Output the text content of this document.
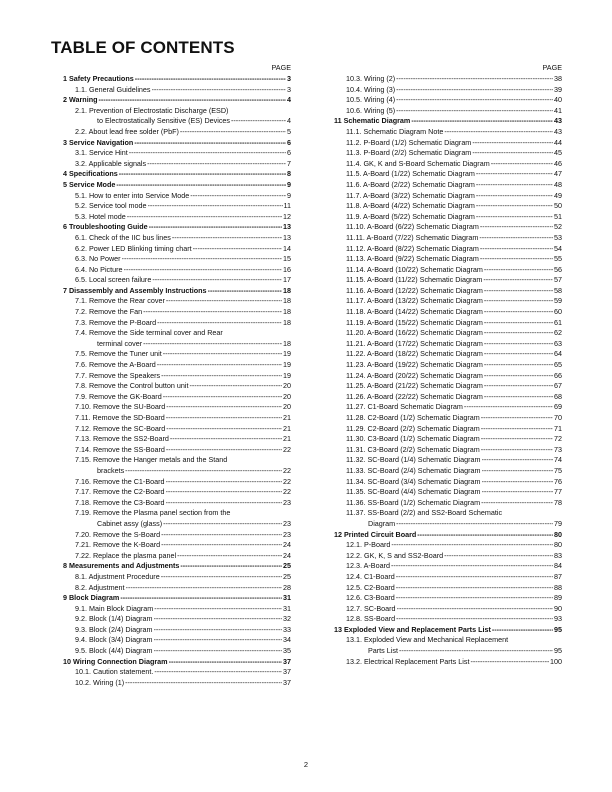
TABLE OF CONTENTS
PAGE
1 Safety Precautions -----	3
1.1. General Guidelines -----	3
2 Warning -----	4
2.1. Prevention of Electrostatic Discharge (ESD)
to Electrostatically Sensitive (ES) Devices -----	4
2.2. About lead free solder (PbF) -----	5
3 Service Navigation -----	6
3.1. Service Hint -----	6
3.2. Applicable signals -----	7
4 Specifications -----	8
5 Service Mode -----	9
5.1. How to enter into Service Mode -----	9
5.2. Service tool mode -----	11
5.3. Hotel mode -----	12
6 Troubleshooting Guide -----	13
6.1. Check of the IIC bus lines -----	13
6.2. Power LED Blinking timing chart -----	14
6.3. No Power -----	15
6.4. No Picture -----	16
6.5. Local screen failure -----	17
7 Disassembly and Assembly Instructions -----	18
7.1. Remove the Rear cover -----	18
7.2. Remove the Fan -----	18
7.3. Remove the P-Board -----	18
7.4. Remove the Side terminal cover and Rear
terminal cover -----	18
7.5. Remove the Tuner unit -----	19
7.6. Remove the A-Board -----	19
7.7. Remove the Speakers -----	19
7.8. Remove the Control button unit -----	20
7.9. Remove the GK-Board -----	20
7.10. Remove the SU-Board -----	20
7.11. Remove the SD-Board -----	21
7.12. Remove the SC-Board -----	21
7.13. Remove the SS2-Board -----	21
7.14. Remove the SS-Board -----	22
7.15. Remove the Hanger metals and the Stand
brackets -----	22
7.16. Remove the C1-Board -----	22
7.17. Remove the C2-Board -----	22
7.18. Remove the C3-Board -----	23
7.19. Remove the Plasma panel section from the
Cabinet assy (glass) -----	23
7.20. Remove the S-Board -----	23
7.21. Remove the K-Board -----	24
7.22. Replace the plasma panel -----	24
8 Measurements and Adjustments -----	25
8.1. Adjustment Procedure -----	25
8.2. Adjustment -----	28
9 Block Diagram -----	31
9.1. Main Block Diagram -----	31
9.2. Block (1/4) Diagram -----	32
9.3. Block (2/4) Diagram -----	33
9.4. Block (3/4) Diagram -----	34
9.5. Block (4/4) Diagram -----	35
10 Wiring Connection Diagram -----	37
10.1. Caution statement. -----	37
10.2. Wiring (1) -----	37
PAGE
10.3. Wiring (2) -----	38
10.4. Wiring (3) -----	39
10.5. Wiring (4) -----	40
10.6. Wiring (5) -----	41
11 Schematic Diagram -----	43
11.1. Schematic Diagram Note -----	43
11.2. P-Board (1/2) Schematic Diagram -----	44
11.3. P-Board (2/2) Schematic Diagram -----	45
11.4. GK, K and S-Board Schematic Diagram -----	46
11.5. A-Board (1/22) Schematic Diagram -----	47
11.6. A-Board (2/22) Schematic Diagram -----	48
11.7. A-Board (3/22) Schematic Diagram -----	49
11.8. A-Board (4/22) Schematic Diagram -----	50
11.9. A-Board (5/22) Schematic Diagram -----	51
11.10. A-Board (6/22) Schematic Diagram -----	52
11.11. A-Board (7/22) Schematic Diagram -----	53
11.12. A-Board (8/22) Schematic Diagram -----	54
11.13. A-Board (9/22) Schematic Diagram -----	55
11.14. A-Board (10/22) Schematic Diagram -----	56
11.15. A-Board (11/22) Schematic Diagram -----	57
11.16. A-Board (12/22) Schematic Diagram -----	58
11.17. A-Board (13/22) Schematic Diagram -----	59
11.18. A-Board (14/22) Schematic Diagram -----	60
11.19. A-Board (15/22) Schematic Diagram -----	61
11.20. A-Board (16/22) Schematic Diagram -----	62
11.21. A-Board (17/22) Schematic Diagram -----	63
11.22. A-Board (18/22) Schematic Diagram -----	64
11.23. A-Board (19/22) Schematic Diagram -----	65
11.24. A-Board (20/22) Schematic Diagram -----	66
11.25. A-Board (21/22) Schematic Diagram -----	67
11.26. A-Board (22/22) Schematic Diagram -----	68
11.27. C1-Board Schematic Diagram -----	69
11.28. C2-Board (1/2) Schematic Diagram -----	70
11.29. C2-Board (2/2) Schematic Diagram -----	71
11.30. C3-Board (1/2) Schematic Diagram -----	72
11.31. C3-Board (2/2) Schematic Diagram -----	73
11.32. SC-Board (1/4) Schematic Diagram -----	74
11.33. SC-Board (2/4) Schematic Diagram -----	75
11.34. SC-Board (3/4) Schematic Diagram -----	76
11.35. SC-Board (4/4) Schematic Diagram -----	77
11.36. SS-Board (1/2) Schematic Diagram -----	78
11.37. SS-Board (2/2) and SS2-Board Schematic
Diagram -----	79
12 Printed Circuit Board -----	80
12.1. P-Board -----	80
12.2. GK, K, S and SS2-Board -----	83
12.3. A-Board -----	84
12.4. C1-Board -----	87
12.5. C2-Board -----	88
12.6. C3-Board -----	89
12.7. SC-Board -----	90
12.8. SS-Board -----	93
13 Exploded View and Replacement Parts List -----	95
13.1. Exploded View and Mechanical Replacement
Parts List -----	95
13.2. Electrical Replacement Parts List -----	100
2
